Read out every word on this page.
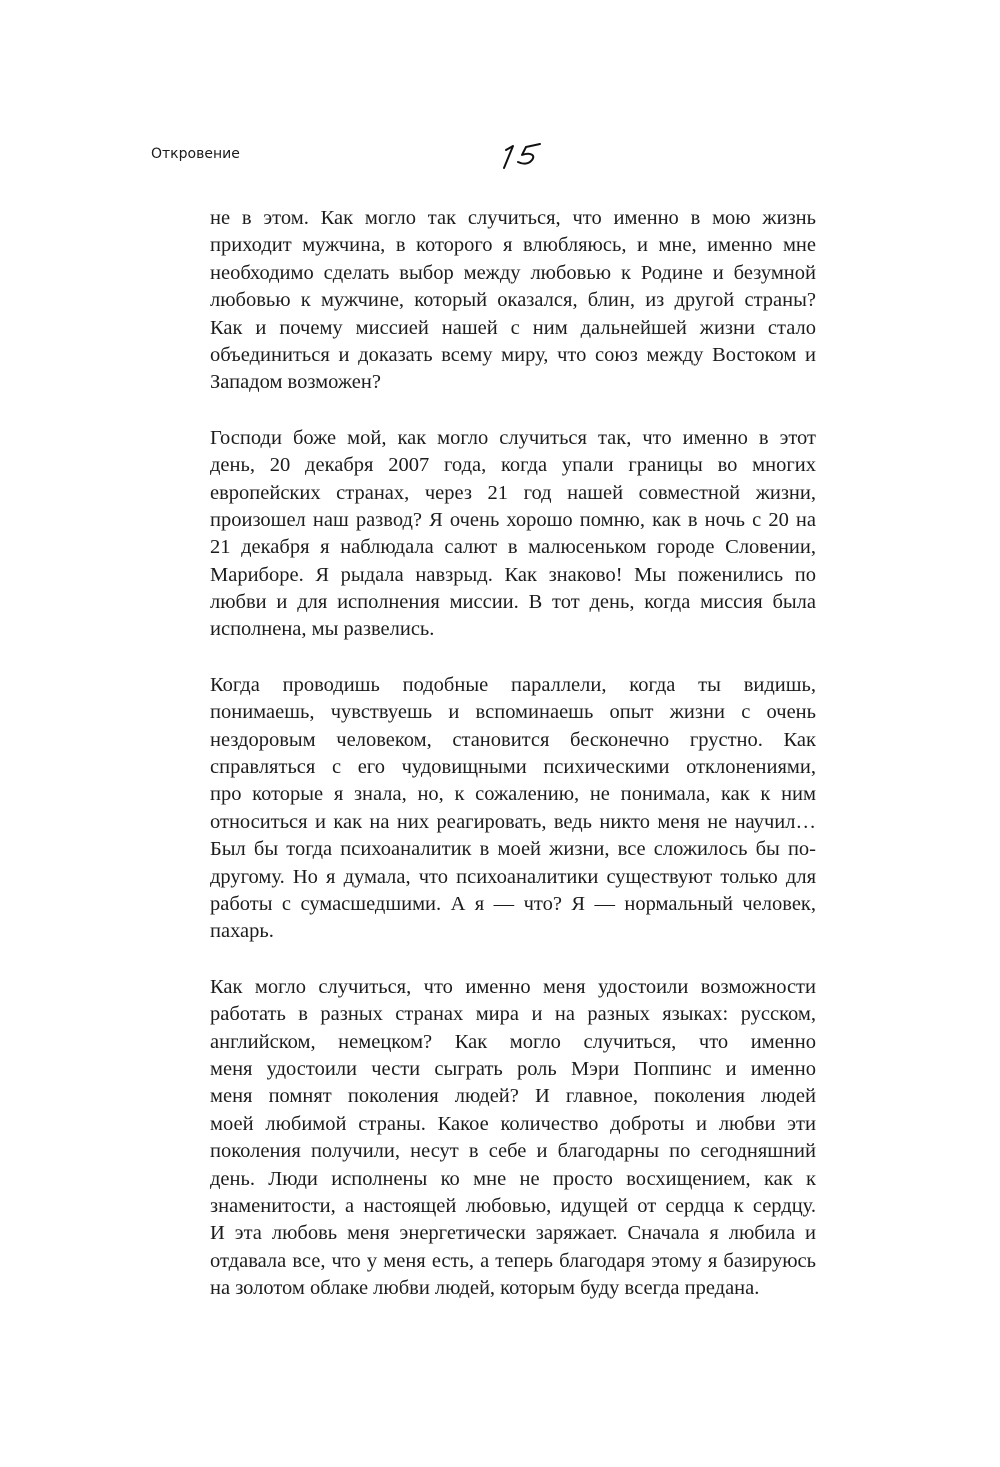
Откровение
не в этом. Как могло так случиться, что именно в мою жизнь
приходит мужчина, в которого я влюбляюсь, и мне, именно мне
необходимо сделать выбор между любовью к Родине и безумной
любовью к мужчине, который оказался, блин, из другой страны?
Как и почему миссией нашей с ним дальнейшей жизни стало
объединиться и доказать всему миру, что союз между Востоком и
Западом возможен?
Господи боже мой, как могло случиться так, что именно в этот
день, 20 декабря 2007 года, когда упали границы во многих
европейских странах, через 21 год нашей совместной жизни,
произошел наш развод? Я очень хорошо помню, как в ночь с 20 на
21 декабря я наблюдала салют в малюсеньком городе Словении,
Мариборе. Я рыдала навзрыд. Как знаково! Мы поженились по
любви и для исполнения миссии. В тот день, когда миссия была
исполнена, мы развелись.
Когда проводишь подобные параллели, когда ты видишь,
понимаешь, чувствуешь и вспоминаешь опыт жизни с очень
нездоровым человеком, становится бесконечно грустно. Как
справляться с его чудовищными психическими отклонениями,
про которые я знала, но, к сожалению, не понимала, как к ним
относиться и как на них реагировать, ведь никто меня не научил…
Был бы тогда психоаналитик в моей жизни, все сложилось бы по-
другому. Но я думала, что психоаналитики существуют только для
работы с сумасшедшими. А я — что? Я — нормальный человек,
пахарь.
Как могло случиться, что именно меня удостоили возможности
работать в разных странах мира и на разных языках: русском,
английском, немецком? Как могло случиться, что именно
меня удостоили чести сыграть роль Мэри Поппинс и именно
меня помнят поколения людей? И главное, поколения людей
моей любимой страны. Какое количество доброты и любви эти
поколения получили, несут в себе и благодарны по сегодняшний
день. Люди исполнены ко мне не просто восхищением, как к
знаменитости, а настоящей любовью, идущей от сердца к сердцу.
И эта любовь меня энергетически заряжает. Сначала я любила и
отдавала все, что у меня есть, а теперь благодаря этому я базируюсь
на золотом облаке любви людей, которым буду всегда предана.
